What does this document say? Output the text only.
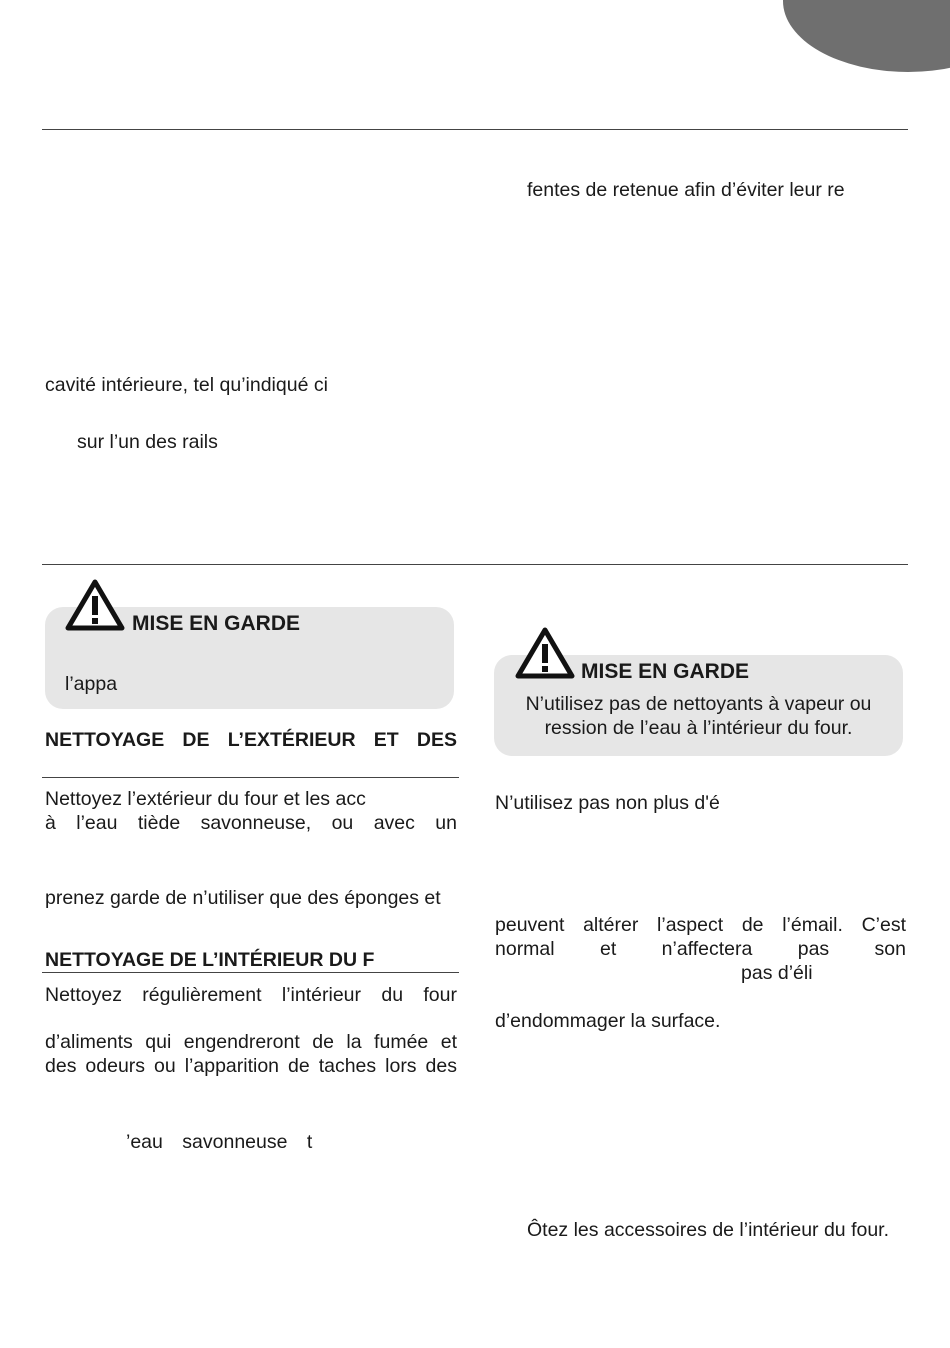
fentes de retenue afin d’éviter leur re
cavité intérieure, tel qu’indiqué ci
sur l’un des rails
MISE EN GARDE
l’appa
MISE EN GARDE
N’utilisez pas de nettoyants à vapeur ou
ression de l’eau à l’intérieur du four.
NETTOYAGE DE L’EXTÉRIEUR ET DES
Nettoyez l’extérieur du four et les acc
à l’eau tiède savonneuse, ou avec un
prenez garde de n’utiliser que des éponges et
NETTOYAGE DE L’INTÉRIEUR DU F
Nettoyez régulièrement l’intérieur du four
d’aliments qui engendreront de la fumée et
des odeurs ou l’apparition de taches lors des
’eau savonneuse t
N’utilisez pas non plus d'é
peuvent altérer l’aspect de l’émail. C’est
normal et n’affectera pas son
pas d’éli
d’endommager la surface.
Ôtez les accessoires de l’intérieur du four.
